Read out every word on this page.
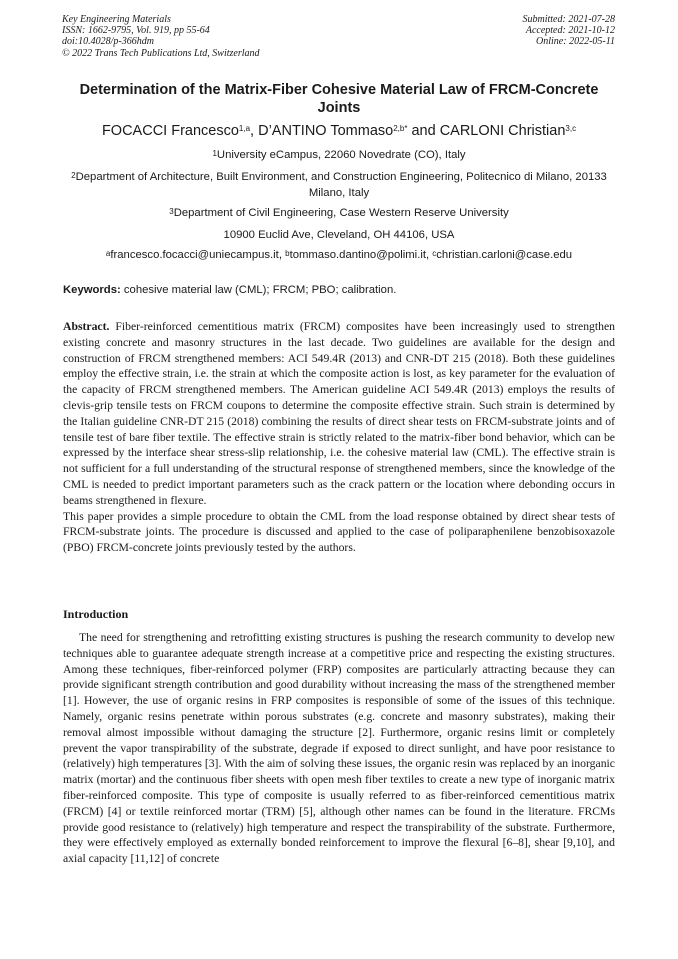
Key Engineering Materials
ISSN: 1662-9795, Vol. 919, pp 55-64
doi:10.4028/p-366hdm
© 2022 Trans Tech Publications Ltd, Switzerland
Submitted: 2021-07-28
Accepted: 2021-10-12
Online: 2022-05-11
Determination of the Matrix-Fiber Cohesive Material Law of FRCM-Concrete Joints
FOCACCI Francesco$^{1,a}$, D’ANTINO Tommaso$^{2,b*}$ and CARLONI Christian$^{3,c}$
$^1$University eCampus, 22060 Novedrate (CO), Italy
$^2$Department of Architecture, Built Environment, and Construction Engineering, Politecnico di Milano, 20133 Milano, Italy
$^3$Department of Civil Engineering, Case Western Reserve University
10900 Euclid Ave, Cleveland, OH 44106, USA
$^a$francesco.focacci@uniecampus.it, $^b$tommaso.dantino@polimi.it, $^c$christian.carloni@case.edu
Keywords: cohesive material law (CML); FRCM; PBO; calibration.

Abstract. Fiber-reinforced cementitious matrix (FRCM) composites have been increasingly used to strengthen existing concrete and masonry structures in the last decade. Two guidelines are available for the design and construction of FRCM strengthened members: ACI 549.4R (2013) and CNR-DT 215 (2018). Both these guidelines employ the effective strain, i.e. the strain at which the composite action is lost, as key parameter for the evaluation of the capacity of FRCM strengthened members. The American guideline ACI 549.4R (2013) employs the results of clevis-grip tensile tests on FRCM coupons to determine the composite effective strain. Such strain is determined by the Italian guideline CNR-DT 215 (2018) combining the results of direct shear tests on FRCM-substrate joints and of tensile test of bare fiber textile. The effective strain is strictly related to the matrix-fiber bond behavior, which can be expressed by the interface shear stress-slip relationship, i.e. the cohesive material law (CML). The effective strain is not sufficient for a full understanding of the structural response of strengthened members, since the knowledge of the CML is needed to predict important parameters such as the crack pattern or the location where debonding occurs in beams strengthened in flexure.

This paper provides a simple procedure to obtain the CML from the load response obtained by direct shear tests of FRCM-substrate joints. The procedure is discussed and applied to the case of poliparaphenilene benzobisoxazole (PBO) FRCM-concrete joints previously tested by the authors.

Introduction

The need for strengthening and retrofitting existing structures is pushing the research community to develop new techniques able to guarantee adequate strength increase at a competitive price and respecting the existing structures. Among these techniques, fiber-reinforced polymer (FRP) composites are particularly attracting because they can provide significant strength contribution and good durability without increasing the mass of the strengthened member [1]. However, the use of organic resins in FRP composites is responsible of some of the issues of this technique. Namely, organic resins penetrate within porous substrates (e.g. concrete and masonry substrates), making their removal almost impossible without damaging the structure [2]. Furthermore, organic resins limit or completely prevent the vapor transpirability of the substrate, degrade if exposed to direct sunlight, and have poor resistance to (relatively) high temperatures [3]. With the aim of solving these issues, the organic resin was replaced by an inorganic matrix (mortar) and the continuous fiber sheets with open mesh fiber textiles to create a new type of inorganic matrix fiber-reinforced composite. This type of composite is usually referred to as fiber-reinforced cementitious matrix (FRCM) [4] or textile reinforced mortar (TRM) [5], although other names can be found in the literature. FRCMs provide good resistance to (relatively) high temperature and respect the transpirability of the substrate. Furthermore, they were effectively employed as externally bonded reinforcement to improve the flexural [6–8], shear [9,10], and axial capacity [11,12] of concrete
